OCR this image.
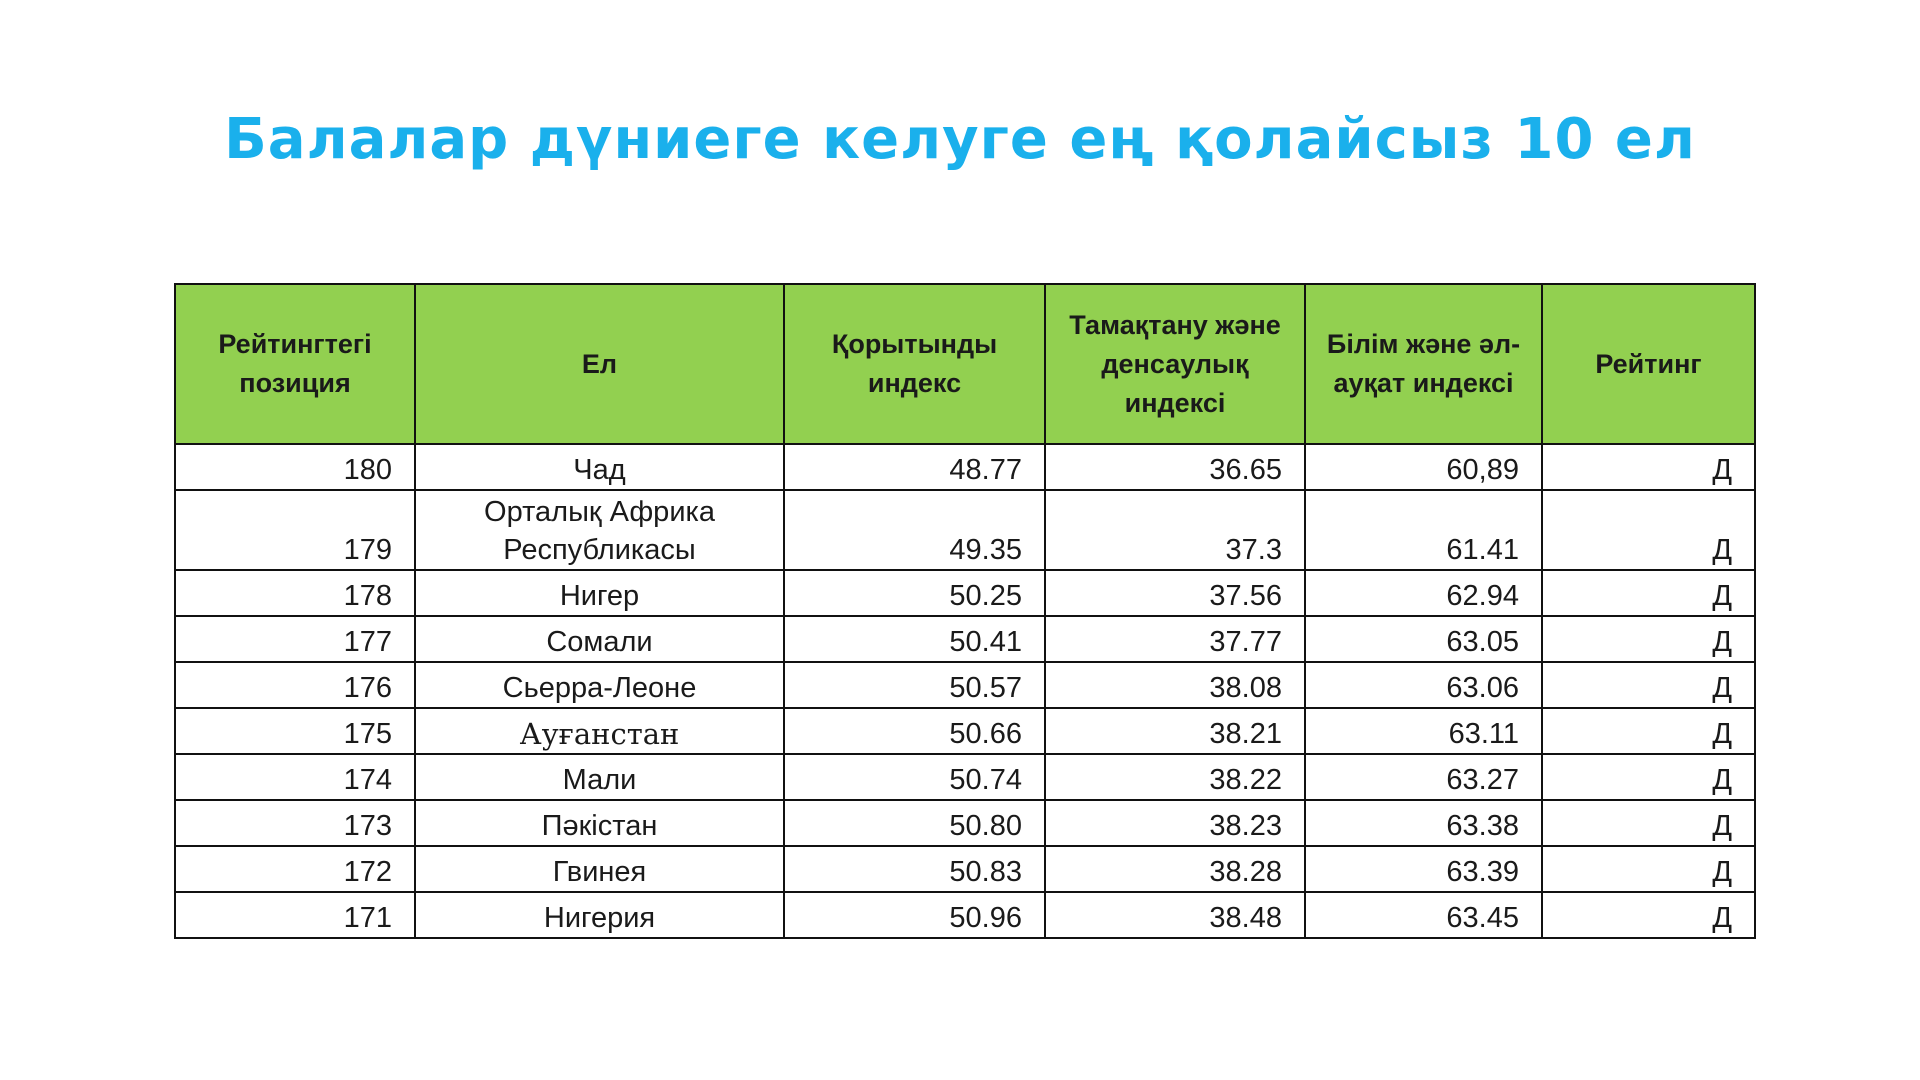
Балалар дүниеге келуге ең қолайсыз 10 ел
Рейтингтегі позиция	Ел	Қорытынды индекс	Тамақтану және денсаулық индексі	Білім және әл-ауқат индексі	Рейтинг
180	Чад	48.77	36.65	60,89	Д
179	Орталық Африка Республикасы	49.35	37.3	61.41	Д
178	Нигер	50.25	37.56	62.94	Д
177	Сомали	50.41	37.77	63.05	Д
176	Сьерра-Леоне	50.57	38.08	63.06	Д
175	Ауғанстан	50.66	38.21	63.11	Д
174	Мали	50.74	38.22	63.27	Д
173	Пәкістан	50.80	38.23	63.38	Д
172	Гвинея	50.83	38.28	63.39	Д
171	Нигерия	50.96	38.48	63.45	Д
